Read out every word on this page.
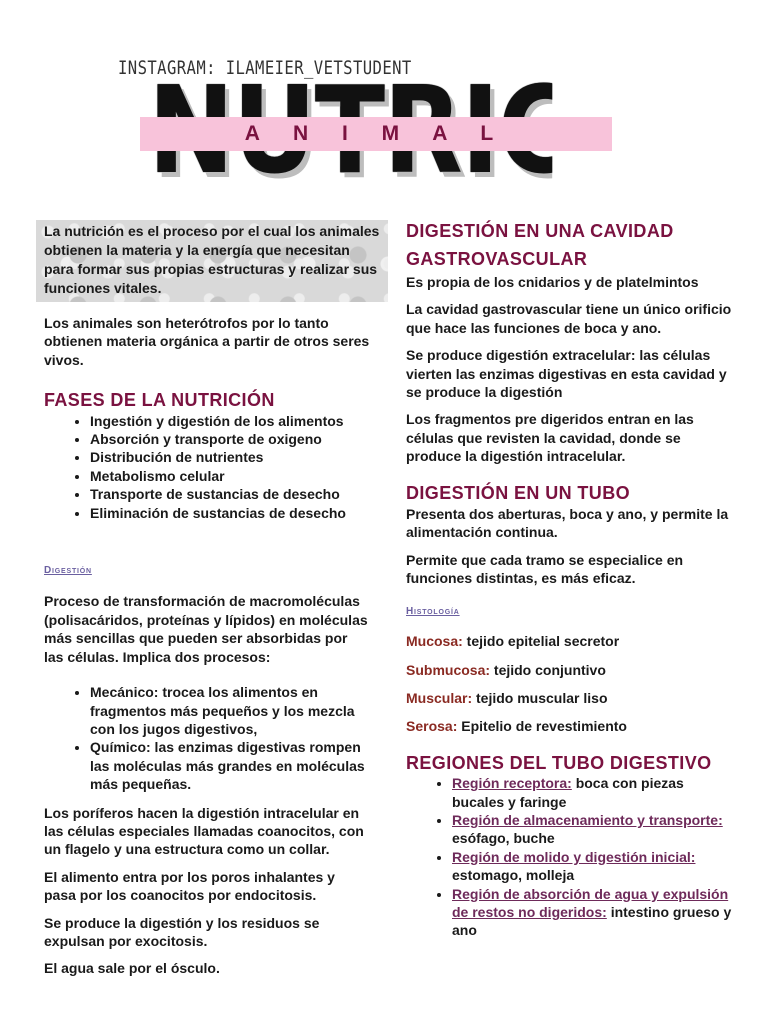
INSTAGRAM: ILAMEIER_VETSTUDENT
A N I M A L

La nutrición es el proceso por el cual los animales obtienen la materia y la energía que necesitan para formar sus propias estructuras y realizar sus funciones vitales.

Los animales son heterótrofos por lo tanto obtienen materia orgánica a partir de otros seres vivos.

FASES DE LA NUTRICIÓN
• Ingestión y digestión de los alimentos
• Absorción y transporte de oxigeno
• Distribución de nutrientes
• Metabolismo celular
• Transporte de sustancias de desecho
• Eliminación de sustancias de desecho
Digestión

Proceso de transformación de macromoléculas (polisacáridos, proteínas y lípidos) en moléculas más sencillas que pueden ser absorbidas por las células. Implica dos procesos:

• Mecánico: trocea los alimentos en fragmentos más pequeños y los mezcla con los jugos digestivos,
• Químico: las enzimas digestivas rompen las moléculas más grandes en moléculas más pequeñas.

Los poríferos hacen la digestión intracelular en las células especiales llamadas coanocitos, con un flagelo y una estructura como un collar.

El alimento entra por los poros inhalantes y pasa por los coanocitos por endocitosis.

Se produce la digestión y los residuos se expulsan por exocitosis.

El agua sale por el ósculo.

DIGESTIÓN EN UNA CAVIDAD GASTROVASCULAR

Es propia de los cnidarios y de platelmintos

La cavidad gastrovascular tiene un único orificio que hace las funciones de boca y ano.

Se produce digestión extracelular: las células vierten las enzimas digestivas en esta cavidad y se produce la digestión

Los fragmentos pre digeridos entran en las células que revisten la cavidad, donde se produce la digestión intracelular.

DIGESTIÓN EN UN TUBO

Presenta dos aberturas, boca y ano, y permite la alimentación continua.

Permite que cada tramo se especialice en funciones distintas, es más eficaz.

Histología

Mucosa: tejido epitelial secretor

Submucosa: tejido conjuntivo

Muscular: tejido muscular liso

Serosa: Epitelio de revestimiento

REGIONES DEL TUBO DIGESTIVO
• Región receptora: boca con piezas bucales y faringe
• Región de almacenamiento y transporte: esófago, buche
• Región de molido y digestión inicial: estomago, molleja
• Región de absorción de agua y expulsión de restos no digeridos: intestino grueso y ano
